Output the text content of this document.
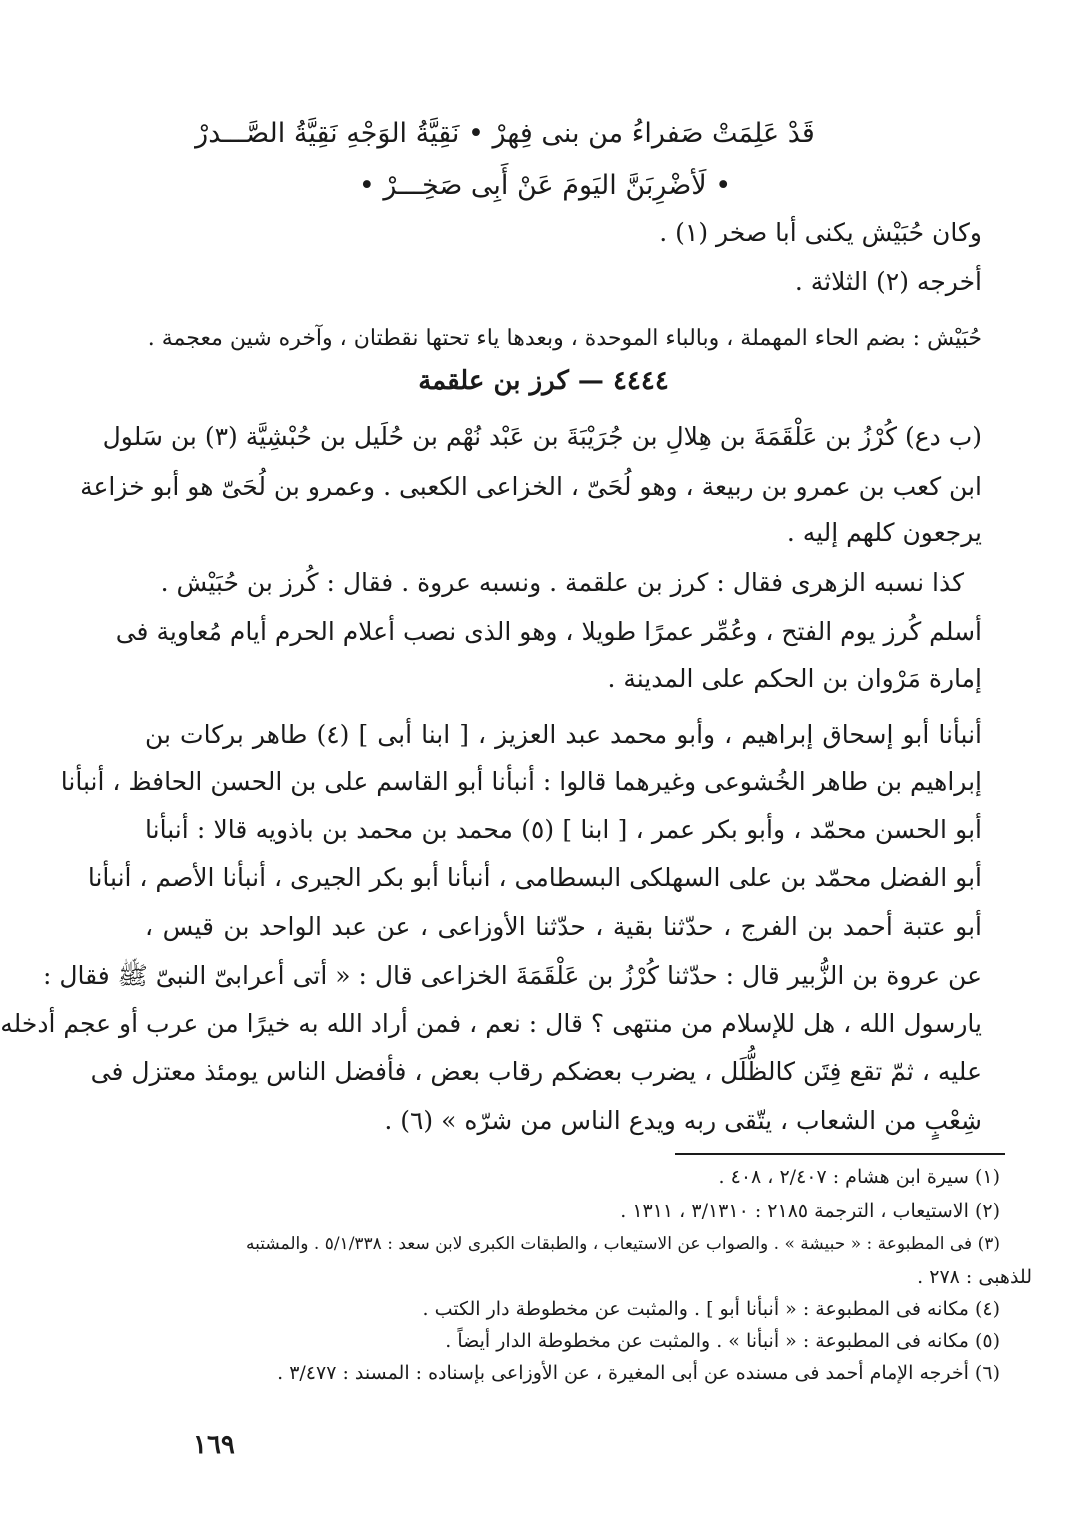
قَدْ عَلِمَتْ صَفراءُ من بنى فِهرْ • نَقِيَّةُ الوَجْهِ نَقِيَّةُ الصَّـــدرْ
• لَأضْرِبَنَّ اليَومَ عَنْ أَبِى صَخِـــرْ •
وكان حُبَيْش يكنى أبا صخر (١) .
أخرجه (٢) الثلاثة .
حُبَيْش : بضم الحاء المهملة ، وبالباء الموحدة ، وبعدها ياء تحتها نقطتان ، وآخره شين معجمة .
٤٤٤٤ — كرز بن علقمة
(ب دع) كُرْزُ بن عَلْقَمَةَ بن هِلالِ بن جُرَيْبَةَ بن عَبْد نُهْم بن حُلَيل بن حُبْشِيَّة (٣) بن سَلول
ابن كعب بن عمرو بن ربيعة ، وهو لُحَىّ ، الخزاعى الكعبى . وعمرو بن لُحَىّ هو أبو خزاعة
يرجعون كلهم إليه .
كذا نسبه الزهرى فقال : كرز بن علقمة . ونسبه عروة . فقال : كُرز بن حُبَيْش .
أسلم كُرز يوم الفتح ، وعُمِّر عمرًا طويلا ، وهو الذى نصب أعلام الحرم أيام مُعاوية فى
إمارة مَرْوان بن الحكم على المدينة .
أنبأنا أبو إسحاق إبراهيم ، وأبو محمد عبد العزيز ، [ ابنا أبى ] (٤) طاهر بركات بن
إبراهيم بن طاهر الخُشوعى وغيرهما قالوا : أنبأنا أبو القاسم على بن الحسن الحافظ ، أنبأنا
أبو الحسن محمّد ، وأبو بكر عمر ، [ ابنا ] (٥) محمد بن محمد بن باذويه قالا : أنبأنا
أبو الفضل محمّد بن على السهلكى البسطامى ، أنبأنا أبو بكر الجيرى ، أنبأنا الأصم ، أنبأنا
أبو عتبة أحمد بن الفرج ، حدّثنا بقية ، حدّثنا الأوزاعى ، عن عبد الواحد بن قيس ،
عن عروة بن الزُّبير قال : حدّثنا كُرْزُ بن عَلْقَمَةَ الخزاعى قال : « أتى أعرابىّ النبىّ ﷺ فقال :
يارسول الله ، هل للإسلام من منتهى ؟ قال : نعم ، فمن أراد الله به خيرًا من عرب أو عجم أدخله
عليه ، ثمّ تقع فِتَن كالظُّلَل ، يضرب بعضكم رقاب بعض ، فأفضل الناس يومئذ معتزل فى
شِعْبٍ من الشعاب ، يتّقى ربه ويدع الناس من شرّه » (٦) .
(١) سيرة ابن هشام : ٢/٤٠٧ ، ٤٠٨ .
(٢) الاستيعاب ، الترجمة ٢١٨٥ : ٣/١٣١٠ ، ١٣١١ .
(٣) فى المطبوعة : « حبيشة » . والصواب عن الاستيعاب ، والطبقات الكبرى لابن سعد : ٥/١/٣٣٨ . والمشتبه
للذهبى : ٢٧٨ .
(٤) مكانه فى المطبوعة : « أنبأنا أبو ] . والمثبت عن مخطوطة دار الكتب .
(٥) مكانه فى المطبوعة : « أنبأنا » . والمثبت عن مخطوطة الدار أيضاً .
(٦) أخرجه الإمام أحمد فى مسنده عن أبى المغيرة ، عن الأوزاعى بإسناده : المسند : ٣/٤٧٧ .
١٦٩
